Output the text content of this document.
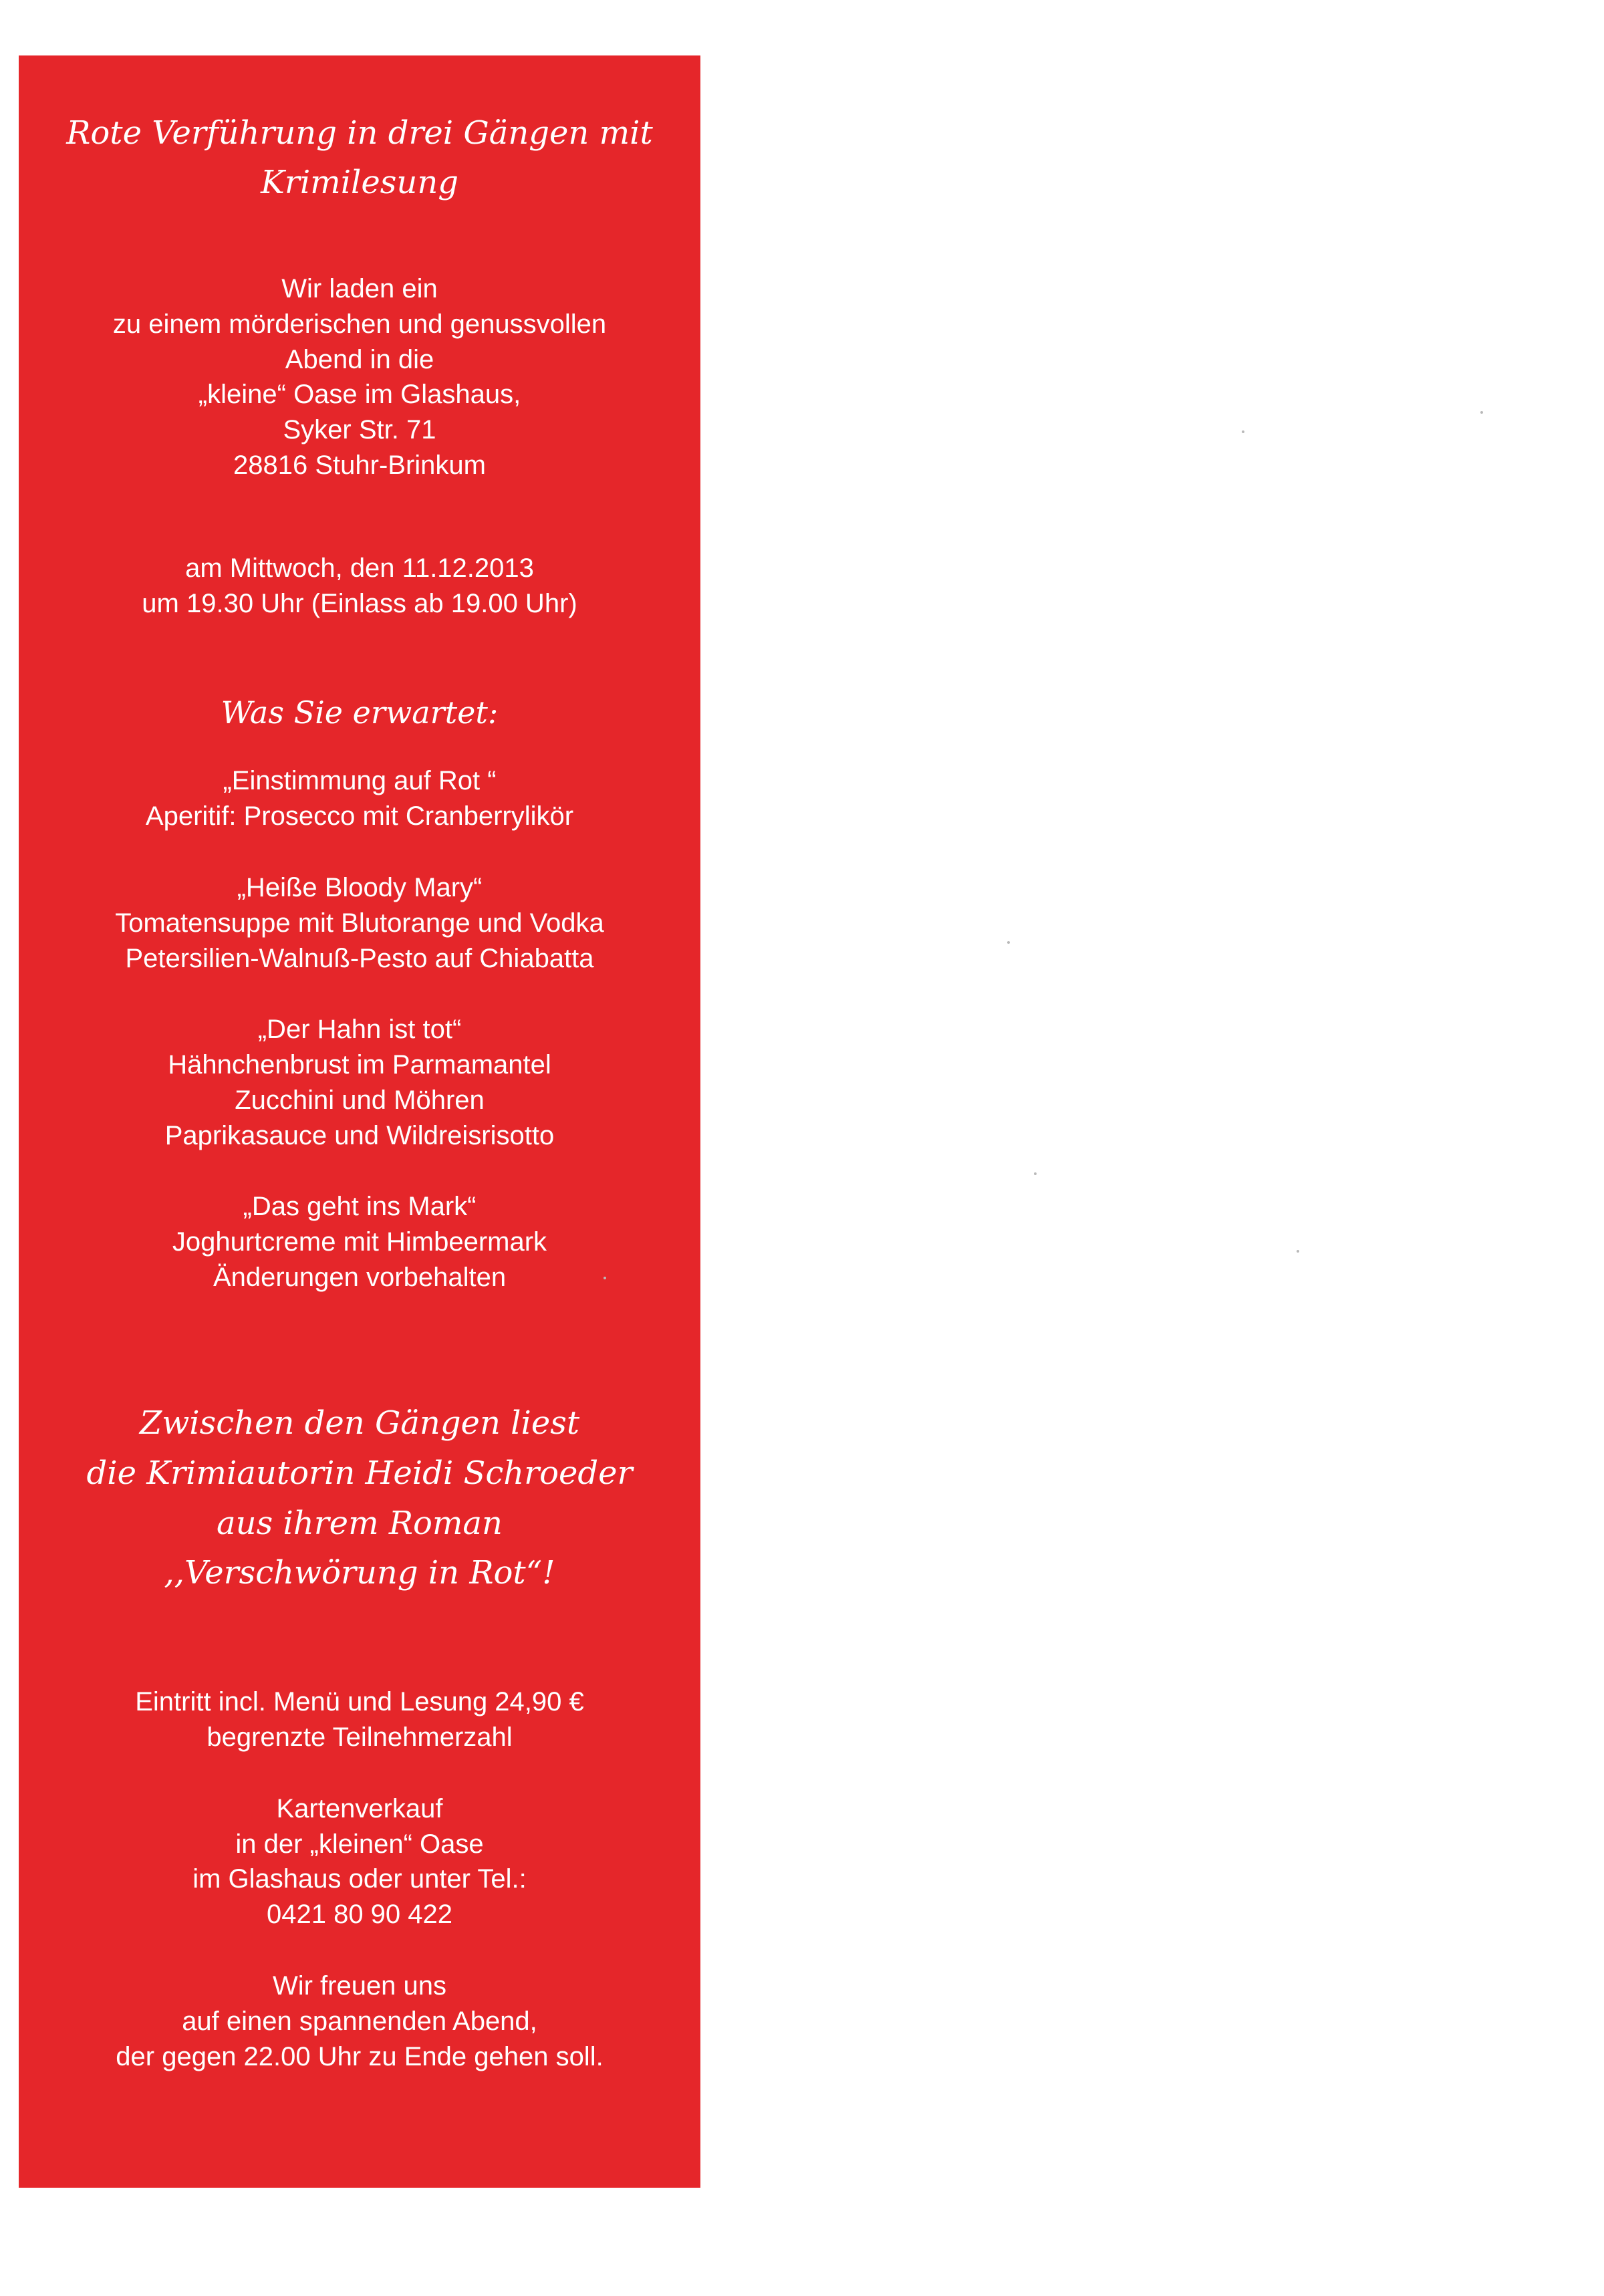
Rote Verführung in drei Gängen mit
Krimilesung
Wir laden ein
zu einem mörderischen und genussvollen
Abend in die
„kleine“ Oase im Glashaus,
Syker Str. 71
28816 Stuhr-Brinkum
am Mittwoch, den 11.12.2013
um 19.30 Uhr (Einlass ab 19.00 Uhr)
Was Sie erwartet:
„Einstimmung auf Rot “
Aperitif: Prosecco mit Cranberrylikör
„Heiße Bloody Mary“
Tomatensuppe mit Blutorange und Vodka
Petersilien-Walnuß-Pesto auf Chiabatta
„Der Hahn ist tot“
Hähnchenbrust im Parmamantel
Zucchini und Möhren
Paprikasauce und Wildreisrisotto
„Das geht ins Mark“
Joghurtcreme mit Himbeermark
Änderungen vorbehalten
Zwischen den Gängen liest
die Krimiautorin Heidi Schroeder
aus ihrem Roman
,,Verschwörung in Rot“!
Eintritt incl. Menü und Lesung 24,90 €
begrenzte Teilnehmerzahl
Kartenverkauf
in der „kleinen“ Oase
im Glashaus oder unter Tel.:
0421 80 90 422
Wir freuen uns
auf einen spannenden Abend,
der gegen 22.00 Uhr zu Ende gehen soll.
